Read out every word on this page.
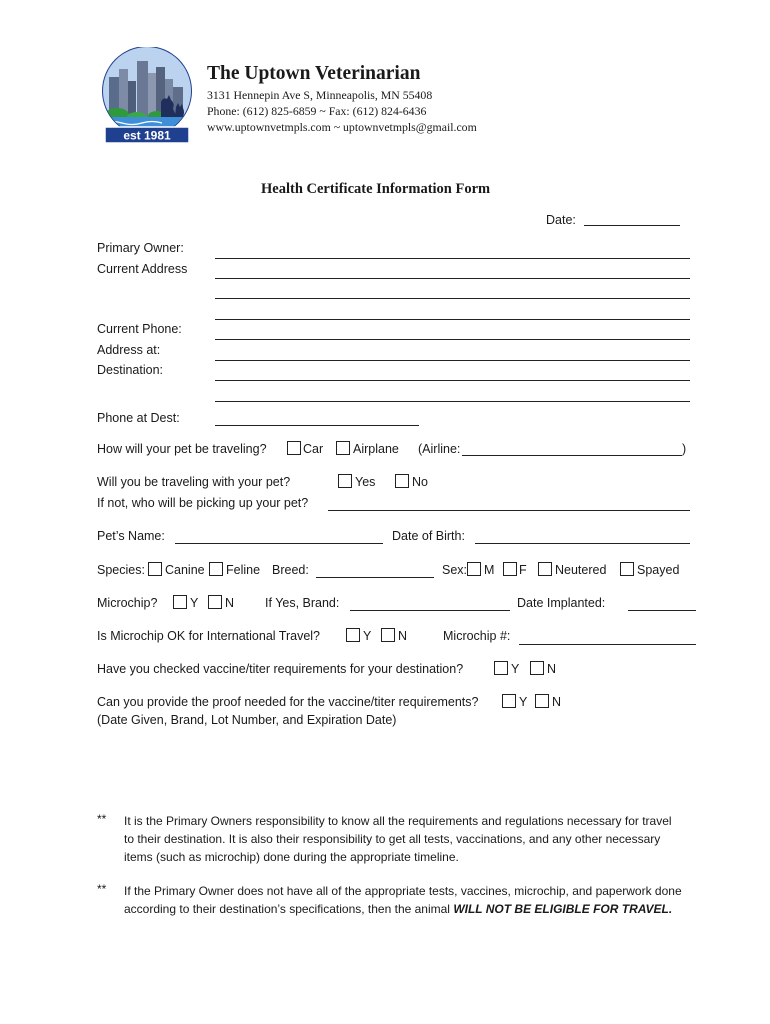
est 1981
The Uptown Veterinarian
3131 Hennepin Ave S, Minneapolis, MN 55408
Phone: (612) 825-6859 ~ Fax: (612) 824-6436
www.uptownvetmpls.com ~ uptownvetmpls@gmail.com
Health Certificate Information Form
Date:
Primary Owner:
Current Address
Current Phone:
Address at:
Destination:
Phone at Dest:
How will your pet be traveling?	Car Airplane (Airline:	)
Will you be traveling with your pet?	Yes	No
If not, who will be picking up your pet?
Pet’s Name:	Date of Birth:
Species: Canine Feline Breed:	Sex: M F Neutered Spayed
Microchip?	Y N If Yes, Brand:	Date Implanted:
Is Microchip OK for International Travel?	Y N	Microchip #:
Have you checked vaccine/titer requirements for your destination?	Y N
Can you provide the proof needed for the vaccine/titer requirements?	Y N
(Date Given, Brand, Lot Number, and Expiration Date)
** It is the Primary Owners responsibility to know all the requirements and regulations necessary for travel to their destination. It is also their responsibility to get all tests, vaccinations, and any other necessary items (such as microchip) done during the appropriate timeline.
** If the Primary Owner does not have all of the appropriate tests, vaccines, microchip, and paperwork done according to their destination’s specifications, then the animal WILL NOT BE ELIGIBLE FOR TRAVEL.
